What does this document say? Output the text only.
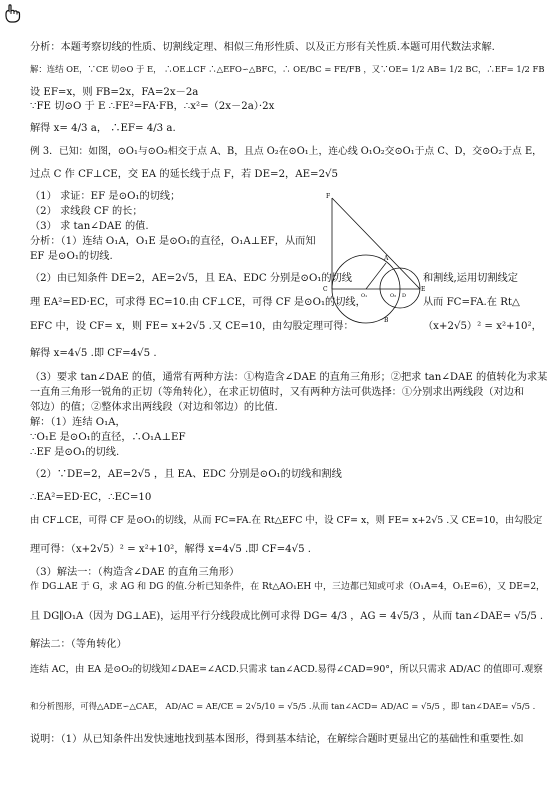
分析：本题考察切线的性质、切割线定理、相似三角形性质、以及正方形有关性质.本题可用代数法求解.
解：连结 OE，∵CE 切⊙O 于 E， ∴OE⊥CF ∴△EFO∽△BFC，∴ OE/BC = FE/FB ，又∵OE= 1/2 AB= 1/2 BC，∴EF= 1/2 FB
设 EF=x，则 FB=2x，FA=2x－2a
∵FE 切⊙O 于 E ∴FE²=FA·FB，∴x²=（2x－2a）·2x
解得 x= 4/3 a， ∴EF= 4/3 a.
例 3．已知：如图，⊙O₁与⊙O₂相交于点 A、B，且点 O₂在⊙O₁上，连心线 O₁O₂交⊙O₁于点 C、D，交⊙O₂于点 E，
过点 C 作 CF⊥CE，交 EA 的延长线于点 F，若 DE=2，AE=2√5
（1） 求证：EF 是⊙O₁的切线；
（2） 求线段 CF 的长；
（3） 求 tan∠DAE 的值.
分析：（1）连结 O₁A，O₁E 是⊙O₁的直径，O₁A⊥EF，从而知
EF 是⊙O₁的切线.
（2）由已知条件 DE=2，AE=2√5，且 EA、EDC 分别是⊙O₁的切线	和割线,运用切割线定
理 EA²=ED·EC，可求得 EC=10.由 CF⊥CE，可得 CF 是⊙O₁的切线，	从而 FC=FA.在 Rt△
EFC 中，设 CF= x，则 FE= x+2√5 .又 CE=10，由勾股定理可得：	（x+2√5）² = x²+10²，
解得 x=4√5 .即 CF=4√5 .
（3）要求 tan∠DAE 的值，通常有两种方法：①构造含∠DAE 的直角三角形；②把求 tan∠DAE 的值转化为求某
一直角三角形一锐角的正切（等角转化），在求正切值时，又有两种方法可供选择：①分别求出两线段（对边和
邻边）的值；②整体求出两线段（对边和邻边）的比值.
解：（1）连结 O₁A，
∵O₁E 是⊙O₁的直径，∴O₁A⊥EF
∴EF 是⊙O₁的切线.
（2）∵DE=2，AE=2√5 ，且 EA、EDC 分别是⊙O₁的切线和割线
∴EA²=ED·EC，∴EC=10
由 CF⊥CE，可得 CF 是⊙O₁的切线，从而 FC=FA.在 Rt△EFC 中，设 CF= x，则 FE= x+2√5 .又 CE=10，由勾股定
理可得：（x+2√5）² = x²+10²，解得 x=4√5 .即 CF=4√5 .
（3）解法一：（构造含∠DAE 的直角三角形）
作 DG⊥AE 于 G，求 AG 和 DG 的值.分析已知条件，在 Rt△AO₁EH 中，三边都已知或可求（O₁A=4，O₁E=6），又 DE=2，
且 DG∥O₁A（因为 DG⊥AE)，运用平行分线段成比例可求得 DG= 4/3 ，AG = 4√5/3 ，从而 tan∠DAE= √5/5 .
解法二：（等角转化）
连结 AC，由 EA 是⊙O₂的切线知∠DAE=∠ACD.只需求 tan∠ACD.易得∠CAD=90°，所以只需求 AD/AC 的值即可.观察
和分析图形，可得△ADE∽△CAE， AD/AC = AE/CE = 2√5/10 = √5/5 .从而 tan∠ACD= AD/AC = √5/5 ，即 tan∠DAE= √5/5 .
说明：（1）从已知条件出发快速地找到基本图形，得到基本结论，在解综合题时更显出它的基础性和重要性.如
F
A
O₁	O₂
E
D
C
B
